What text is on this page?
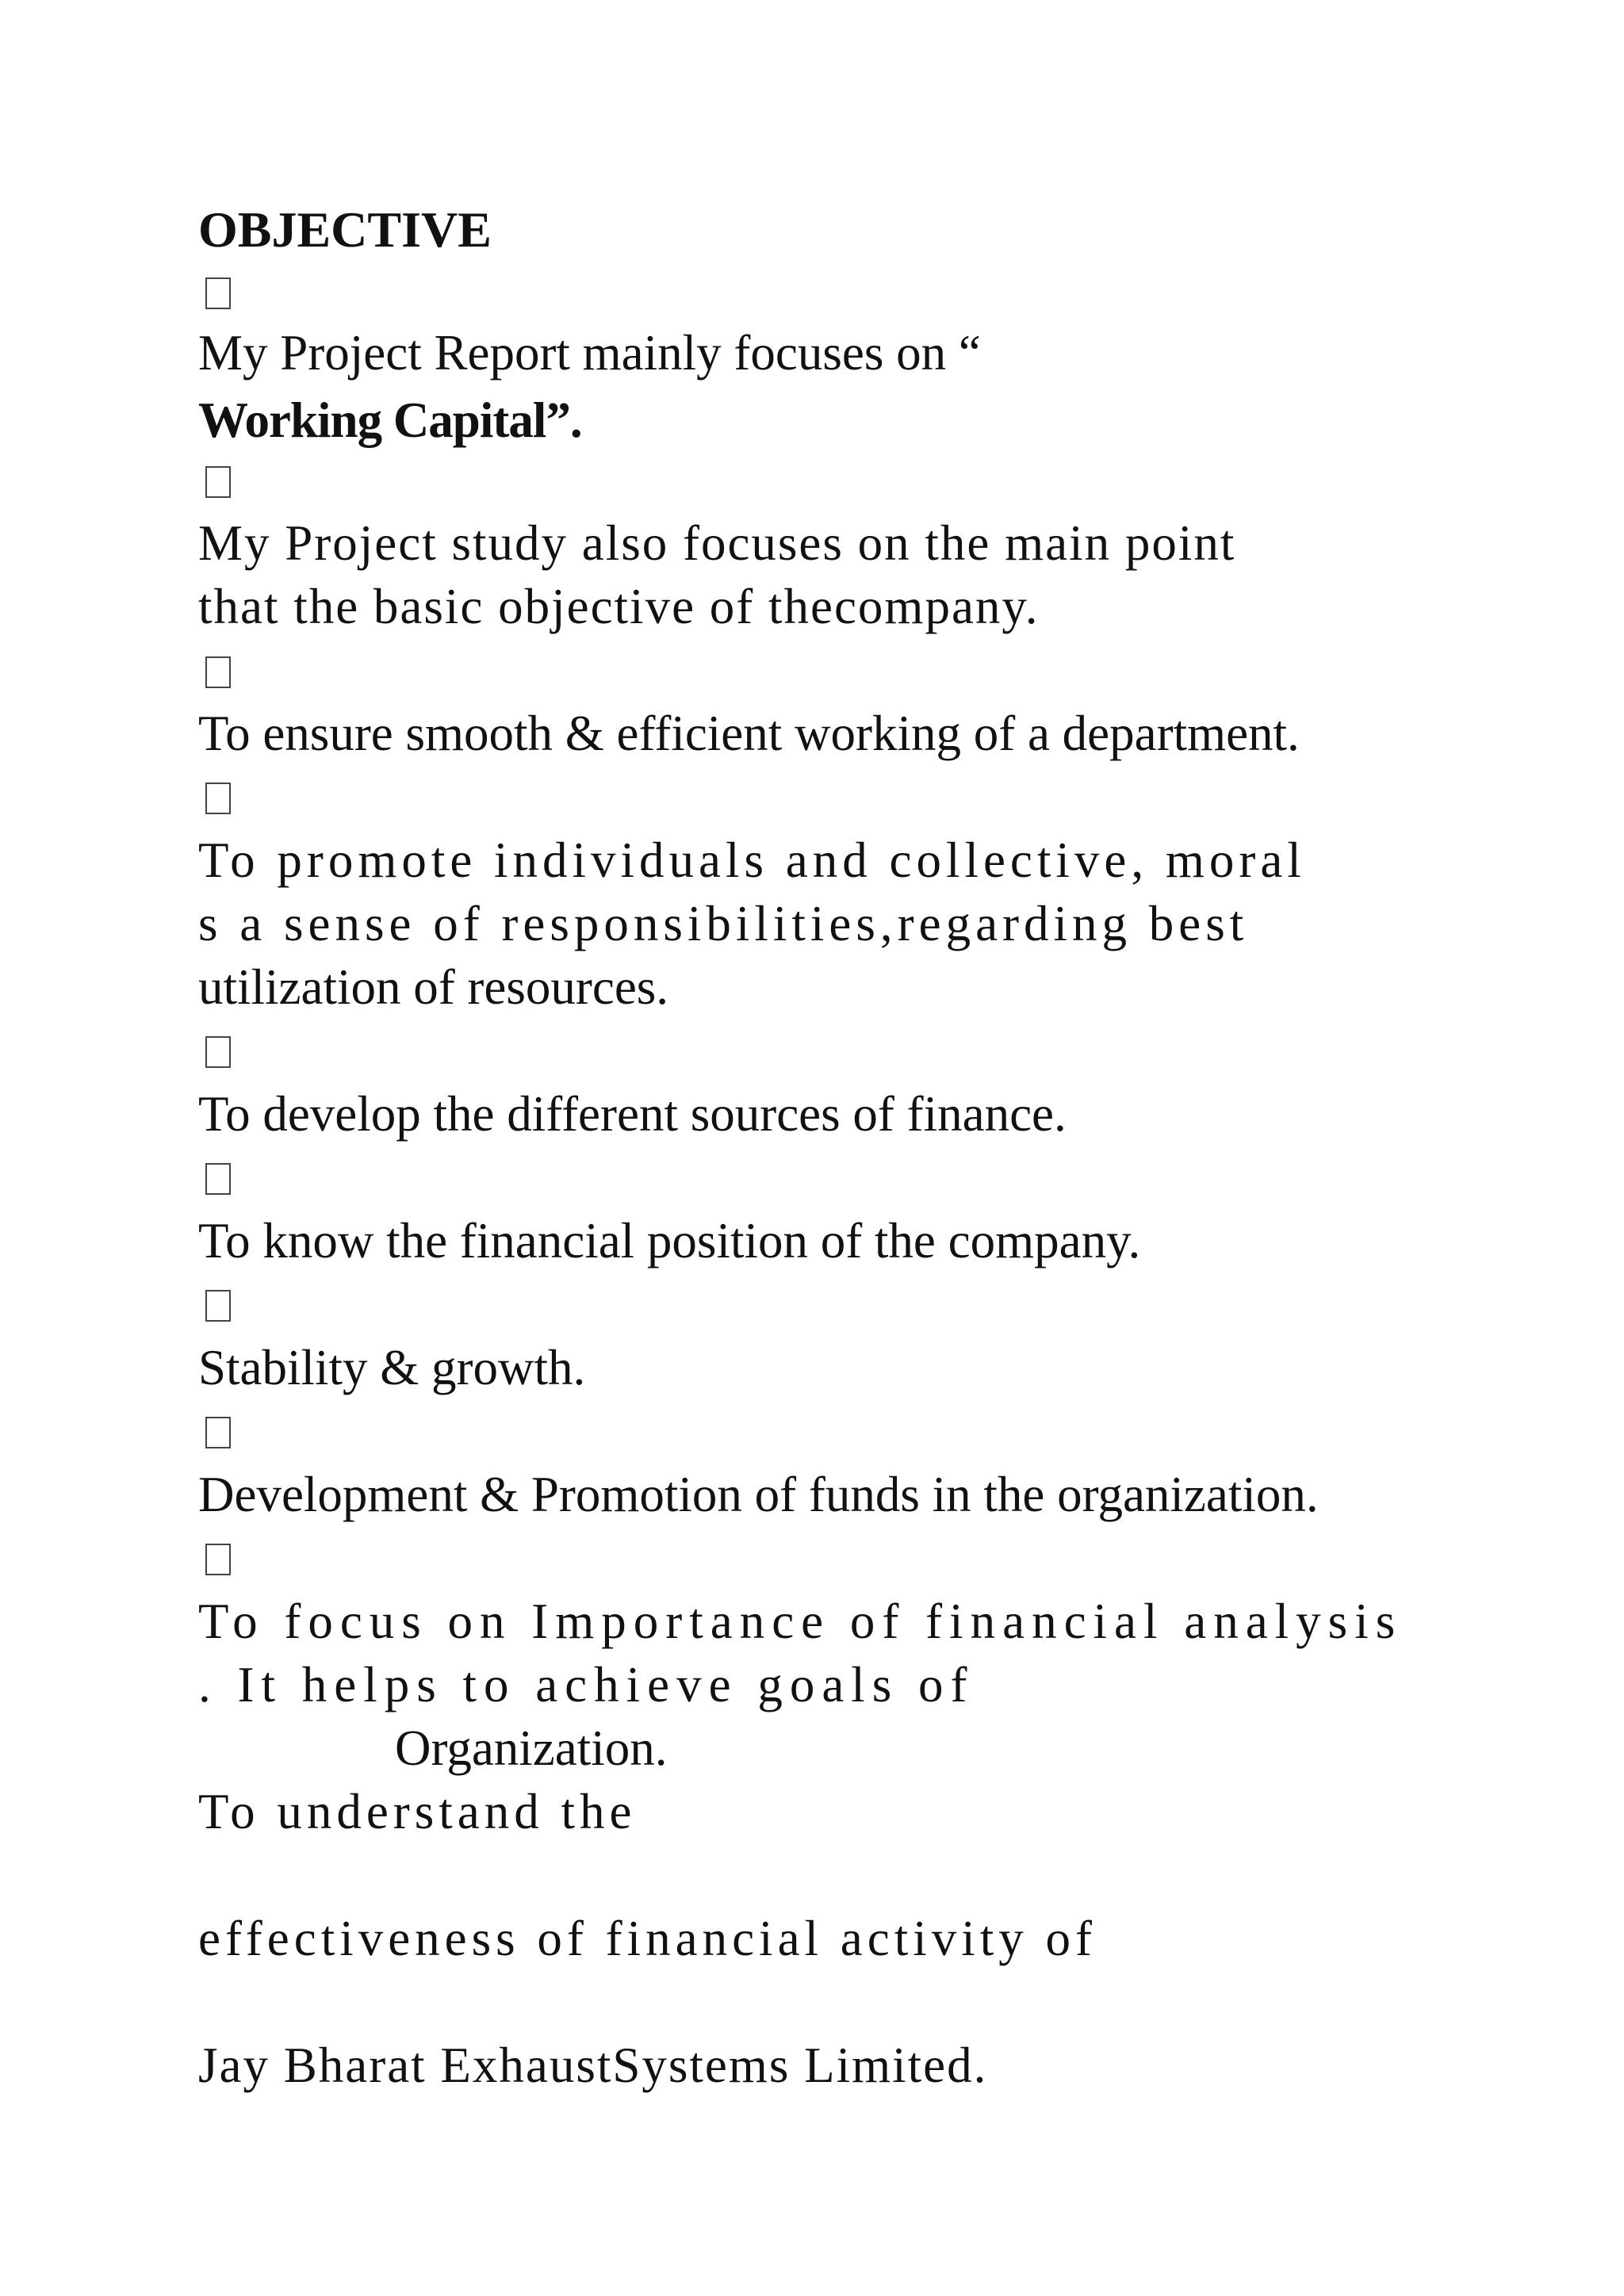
OBJECTIVE
My Project Report mainly focuses on “
Working Capital”.
My Project study also focuses on the main point
that the basic objective of thecompany.
To ensure smooth & efficient working of a department.
To promote individuals and collective, moral
s a sense of responsibilities,regarding best
utilization of resources.
To develop the different sources of finance.
To know the financial position of the company.
Stability & growth.
Development & Promotion of funds in the organization.
To focus on Importance of financial analysis
. It helps to achieve goals of
Organization.
To understand the
effectiveness of financial activity of
Jay Bharat ExhaustSystems Limited.
